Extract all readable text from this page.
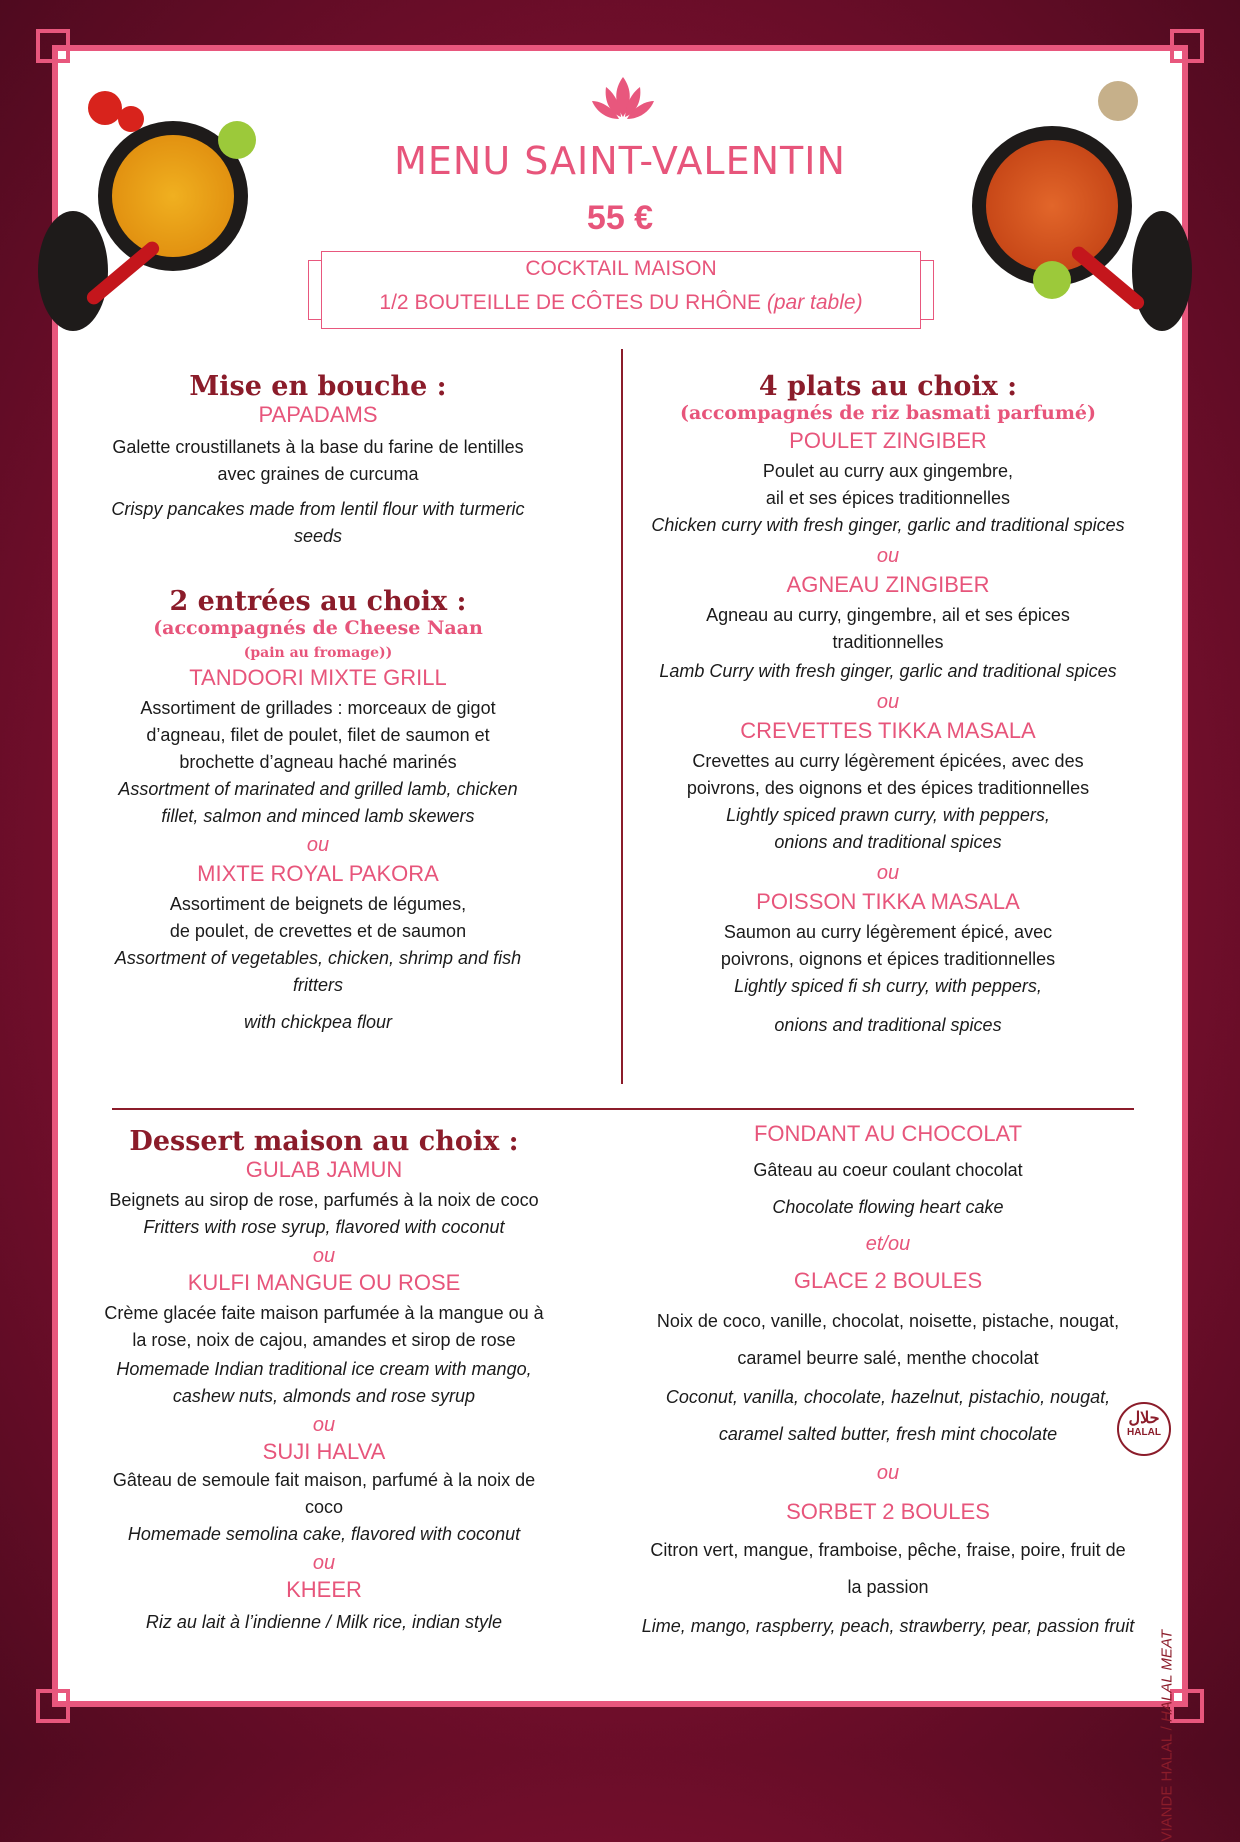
MENU SAINT-VALENTIN
55 €
COCKTAIL MAISON
1/2 BOUTEILLE DE CÔTES DU RHÔNE (par table)
Mise en bouche :
PAPADAMS
Galette croustillanets à la base du farine de lentilles avec graines de curcuma
Crispy pancakes made from lentil flour with turmeric seeds
2 entrées au choix :
(accompagnés de Cheese Naan
(pain au fromage))
TANDOORI MIXTE GRILL
Assortiment de grillades : morceaux de gigot d’agneau, filet de poulet, filet de saumon et brochette d’agneau haché marinés
Assortment of marinated and grilled lamb, chicken fillet, salmon and minced lamb skewers
ou
MIXTE ROYAL PAKORA
Assortiment de beignets de légumes, de poulet, de crevettes et de saumon
Assortment of vegetables, chicken, shrimp and fish fritters
with chickpea flour
4 plats au choix :
(accompagnés de riz basmati parfumé)
POULET ZINGIBER
Poulet au curry aux gingembre, ail et ses épices traditionnelles
Chicken curry with fresh ginger, garlic and traditional spices
ou
AGNEAU ZINGIBER
Agneau au curry, gingembre, ail et ses épices traditionnelles
Lamb Curry with fresh ginger, garlic and traditional spices
ou
CREVETTES TIKKA MASALA
Crevettes au curry légèrement épicées, avec des poivrons, des oignons et des épices traditionnelles
Lightly spiced prawn curry, with peppers, onions and traditional spices
ou
POISSON TIKKA MASALA
Saumon au curry légèrement épicé, avec poivrons, oignons et épices traditionnelles
Lightly spiced fi sh curry, with peppers,
onions and traditional spices
Dessert maison au choix :
GULAB JAMUN
Beignets au sirop de rose, parfumés à la noix de coco
Fritters with rose syrup, flavored with coconut
ou
KULFI MANGUE OU ROSE
Crème glacée faite maison parfumée à la mangue ou à la rose, noix de cajou, amandes et sirop de rose
Homemade Indian traditional ice cream with mango, cashew nuts, almonds and rose syrup
ou
SUJI HALVA
Gâteau de semoule fait maison, parfumé à la noix de coco
Homemade semolina cake, flavored with coconut
ou
KHEER
Riz au lait à l’indienne / Milk rice, indian style
FONDANT AU CHOCOLAT
Gâteau au coeur coulant chocolat
Chocolate flowing heart cake
et/ou
GLACE 2 BOULES
Noix de coco, vanille, chocolat, noisette, pistache, nougat,
caramel beurre salé, menthe chocolat
Coconut, vanilla, chocolate, hazelnut, pistachio, nougat,
caramel salted butter, fresh mint chocolate
ou
SORBET 2 BOULES
Citron vert, mangue, framboise, pêche, fraise, poire, fruit de
la passion
Lime, mango, raspberry, peach, strawberry, pear, passion fruit
حلال
HALAL
VIANDE HALAL / HALAL MEAT
